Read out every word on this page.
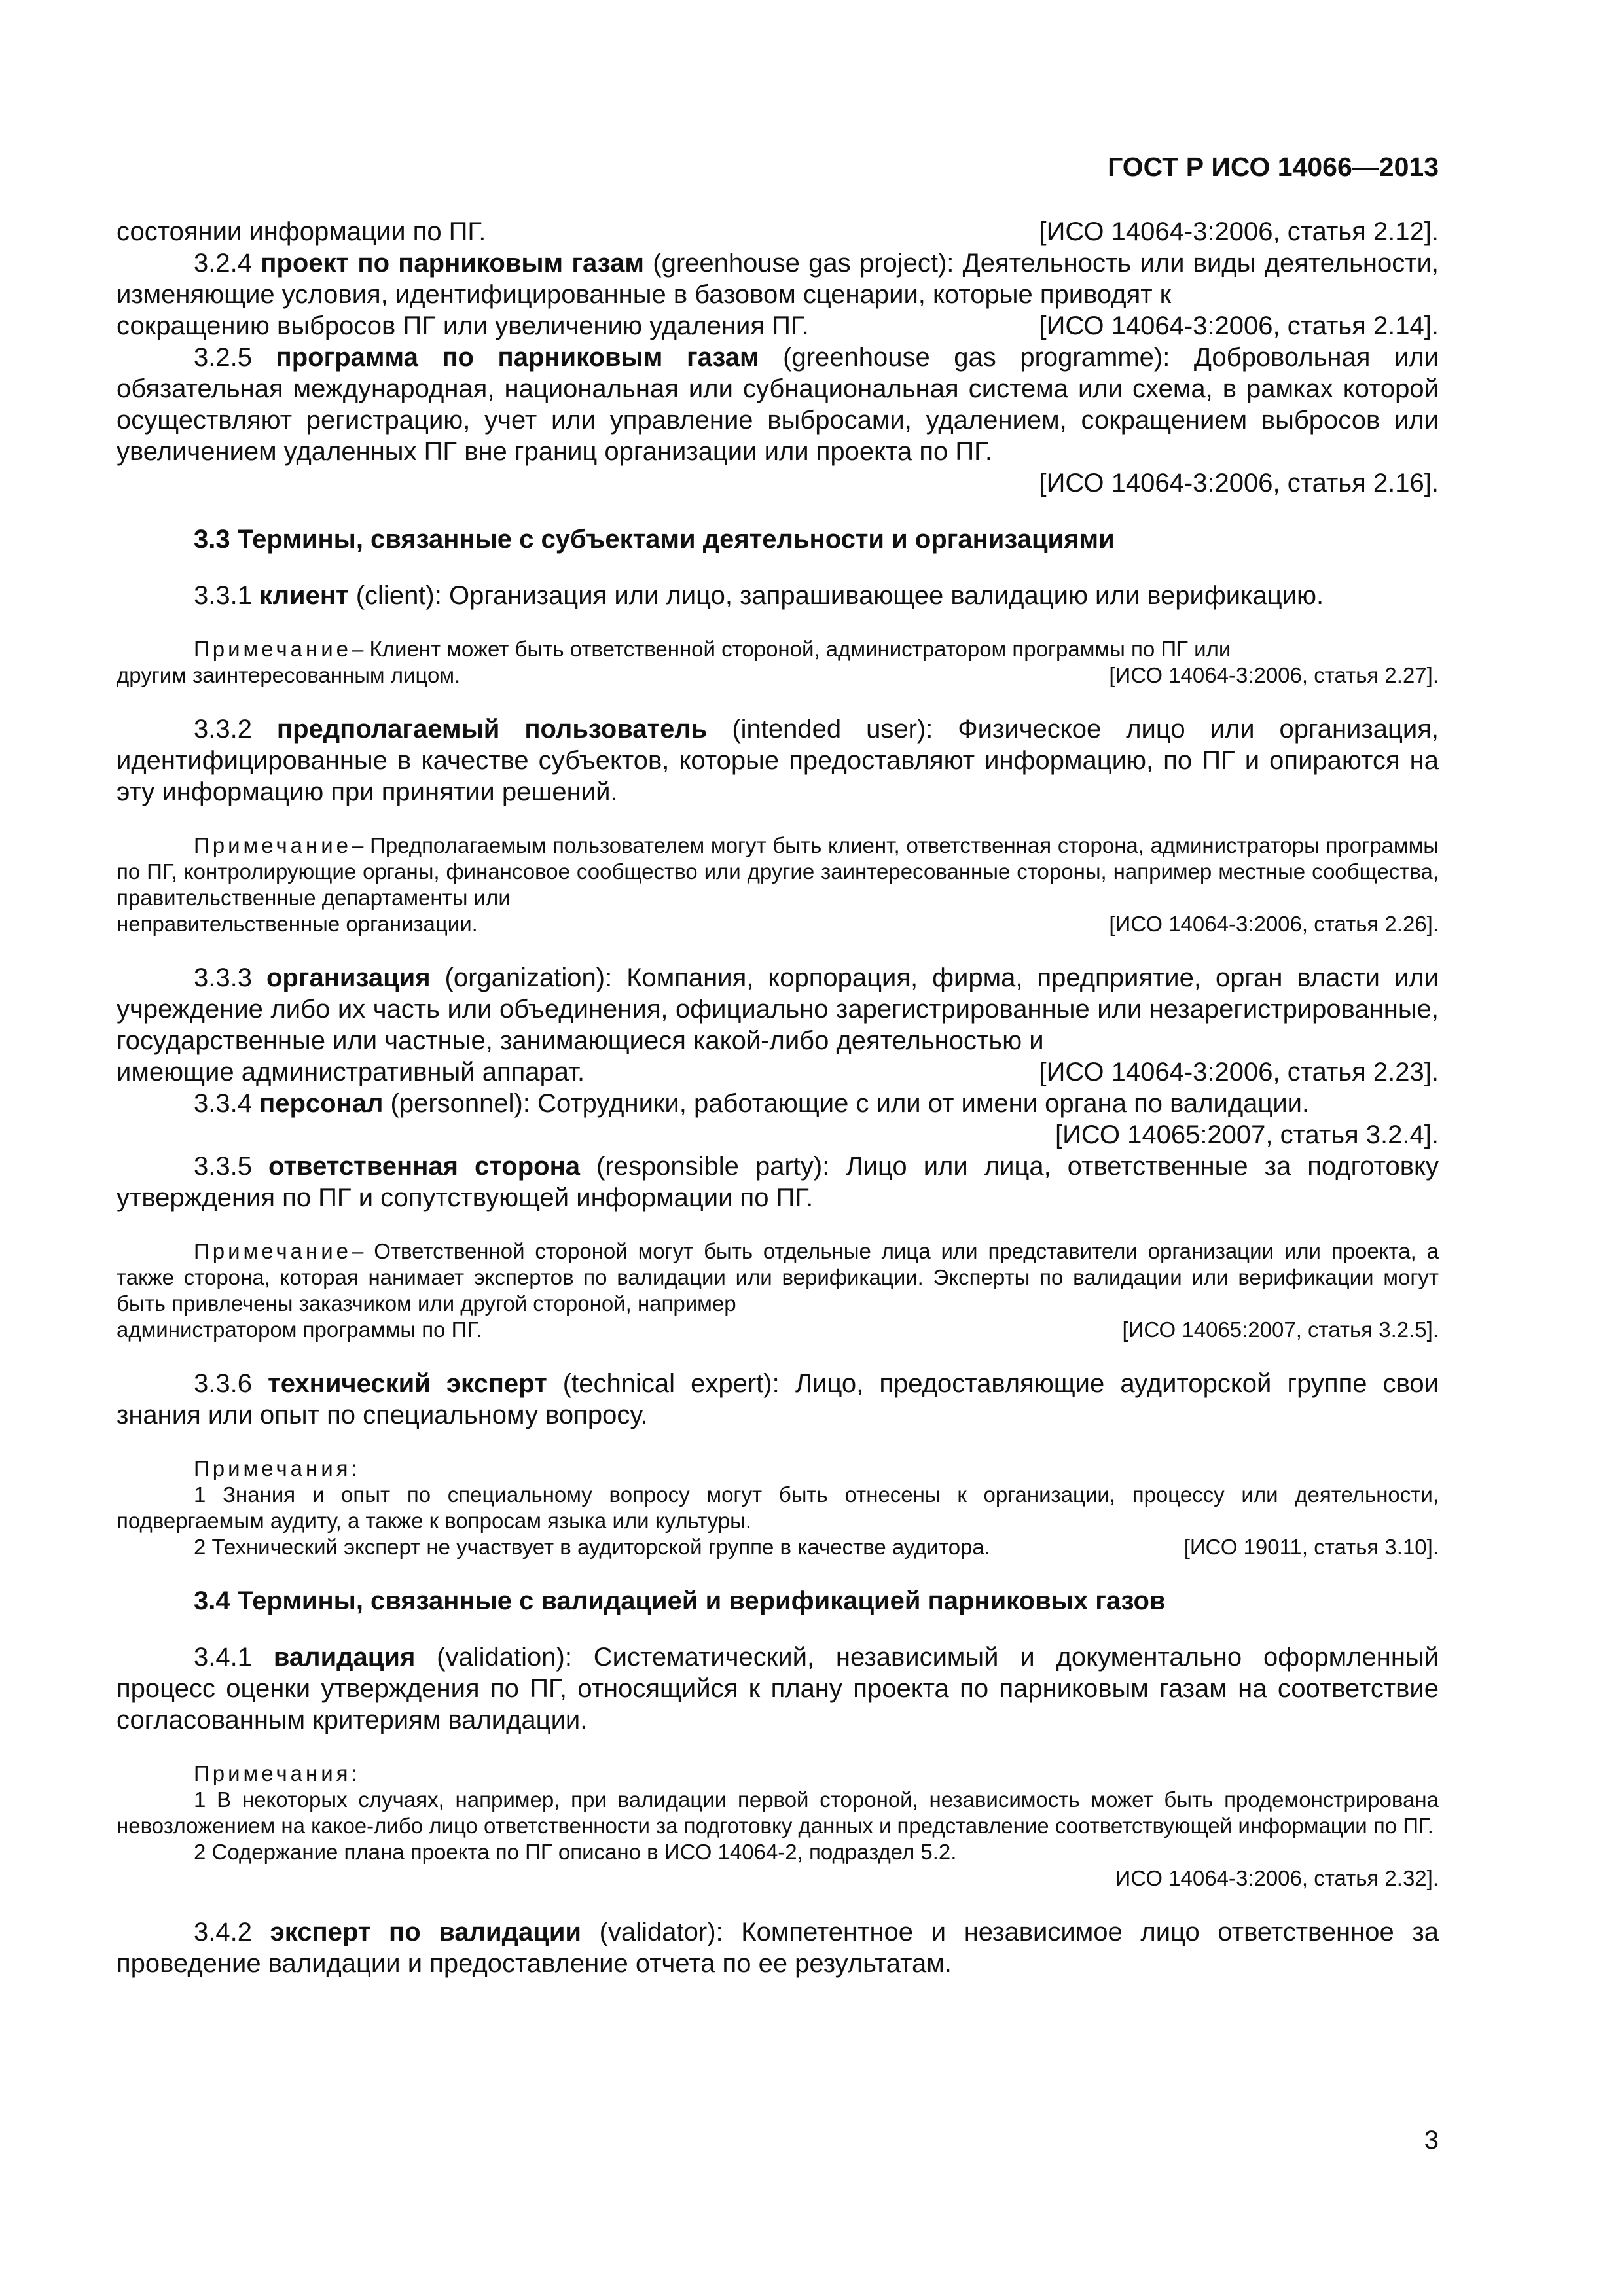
ГОСТ Р ИСО 14066—2013
состоянии информации по ПГ.	[ИСО 14064-3:2006, статья 2.12].

3.2.4 проект по парниковым газам (greenhouse gas project): Деятельность или виды деятельности, изменяющие условия, идентифицированные в базовом сценарии, которые приводят к

сокращению выбросов ПГ или увеличению удаления ПГ.	[ИСО 14064-3:2006, статья 2.14].

3.2.5 программа по парниковым газам (greenhouse gas programme): Добровольная или обязательная международная, национальная или субнациональная система или схема, в рамках которой осуществляют регистрацию, учет или управление выбросами, удалением, сокращением выбросов или увеличением удаленных ПГ вне границ организации или проекта по ПГ.

[ИСО 14064-3:2006, статья 2.16].
3.3 Термины, связанные с субъектами деятельности и организациями

3.3.1 клиент (client): Организация или лицо, запрашивающее валидацию или верификацию.

Примечание– Клиент может быть ответственной стороной, администратором программы по ПГ или

другим заинтересованным лицом.	[ИСО 14064-3:2006, статья 2.27].

3.3.2 предполагаемый пользователь (intended user): Физическое лицо или организация, идентифицированные в качестве субъектов, которые предоставляют информацию, по ПГ и опираются на эту информацию при принятии решений.

Примечание– Предполагаемым пользователем могут быть клиент, ответственная сторона, администраторы программы по ПГ, контролирующие органы, финансовое сообщество или другие заинтересованные стороны, например местные сообщества, правительственные департаменты или

неправительственные организации.	[ИСО 14064-3:2006, статья 2.26].

3.3.3 организация (organization): Компания, корпорация, фирма, предприятие, орган власти или учреждение либо их часть или объединения, официально зарегистрированные или незарегистрированные, государственные или частные, занимающиеся какой-либо деятельностью и

имеющие административный аппарат.	[ИСО 14064-3:2006, статья 2.23].

3.3.4 персонал (personnel): Сотрудники, работающие с или от имени органа по валидации.

[ИСО 14065:2007, статья 3.2.4].

3.3.5 ответственная сторона (responsible party): Лицо или лица, ответственные за подготовку утверждения по ПГ и сопутствующей информации по ПГ.

Примечание– Ответственной стороной могут быть отдельные лица или представители организации или проекта, а также сторона, которая нанимает экспертов по валидации или верификации. Эксперты по валидации или верификации могут быть привлечены заказчиком или другой стороной, например

администратором программы по ПГ.	[ИСО 14065:2007, статья 3.2.5].

3.3.6 технический эксперт (technical expert): Лицо, предоставляющие аудиторской группе свои знания или опыт по специальному вопросу.

Примечания:

1 Знания и опыт по специальному вопросу могут быть отнесены к организации, процессу или деятельности, подвергаемым аудиту, а также к вопросам языка или культуры.

2 Технический эксперт не участвует в аудиторской группе в качестве аудитора.	[ИСО 19011, статья 3.10].
3.4 Термины, связанные с валидацией и верификацией парниковых газов

3.4.1 валидация (validation): Систематический, независимый и документально оформленный процесс оценки утверждения по ПГ, относящийся к плану проекта по парниковым газам на соответствие согласованным критериям валидации.

Примечания:

1 В некоторых случаях, например, при валидации первой стороной, независимость может быть продемонстрирована невозложением на какое-либо лицо ответственности за подготовку данных и представление соответствующей информации по ПГ.

2 Содержание плана проекта по ПГ описано в ИСО 14064-2, подраздел 5.2.

ИСО 14064-3:2006, статья 2.32].

3.4.2 эксперт по валидации (validator): Компетентное и независимое лицо ответственное за проведение валидации и предоставление отчета по ее результатам.

3
